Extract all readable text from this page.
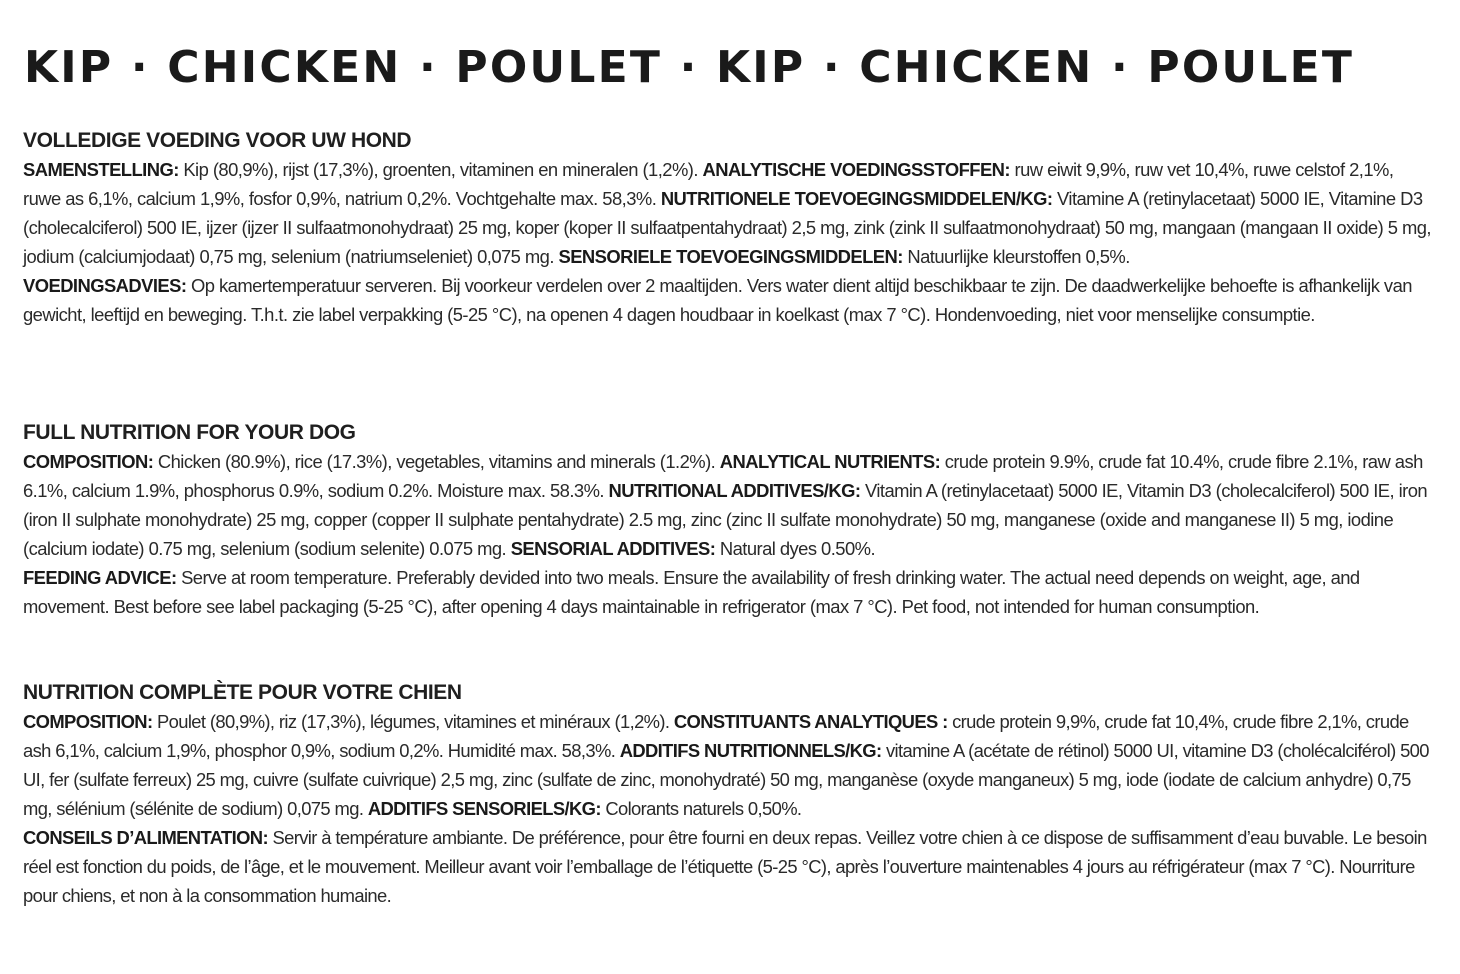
KIP · CHICKEN · POULET · KIP · CHICKEN · POULET
VOLLEDIGE VOEDING VOOR UW HOND

SAMENSTELLING: Kip (80,9%), rijst (17,3%), groenten, vitaminen en mineralen (1,2%). ANALYTISCHE VOEDINGSSTOFFEN: ruw eiwit 9,9%, ruw vet 10,4%, ruwe celstof 2,1%, ruwe as 6,1%, calcium 1,9%, fosfor 0,9%, natrium 0,2%. Vochtgehalte max. 58,3%. NUTRITIONELE TOEVOEGINGSMIDDELEN/KG: Vitamine A (retinylacetaat) 5000 IE, Vitamine D3 (cholecalciferol) 500 IE, ijzer (ijzer II sulfaatmonohydraat) 25 mg, koper (koper II sulfaatpentahydraat) 2,5 mg, zink (zink II sulfaatmonohydraat) 50 mg, mangaan (mangaan II oxide) 5 mg, jodium (calciumjodaat) 0,75 mg, selenium (natriumseleniet) 0,075 mg. SENSORIELE TOEVOEGINGSMIDDELEN: Natuurlijke kleurstoffen 0,5%.

VOEDINGSADVIES: Op kamertemperatuur serveren. Bij voorkeur verdelen over 2 maaltijden. Vers water dient altijd beschikbaar te zijn. De daadwerkelijke behoefte is afhankelijk van gewicht, leeftijd en beweging. T.h.t. zie label verpakking (5-25 °C), na openen 4 dagen houdbaar in koelkast (max 7 °C). Hondenvoeding, niet voor menselijke consumptie.

FULL NUTRITION FOR YOUR DOG

COMPOSITION: Chicken (80.9%), rice (17.3%), vegetables, vitamins and minerals (1.2%). ANALYTICAL NUTRIENTS: crude protein 9.9%, crude fat 10.4%, crude fibre 2.1%, raw ash 6.1%, calcium 1.9%, phosphorus 0.9%, sodium 0.2%. Moisture max. 58.3%. NUTRITIONAL ADDITIVES/KG: Vitamin A (retinylacetaat) 5000 IE, Vitamin D3 (cholecalciferol) 500 IE, iron (iron II sulphate monohydrate) 25 mg, copper (copper II sulphate pentahydrate) 2.5 mg, zinc (zinc II sulfate monohydrate) 50 mg, manganese (oxide and manganese II) 5 mg, iodine (calcium iodate) 0.75 mg, selenium (sodium selenite) 0.075 mg. SENSORIAL ADDITIVES: Natural dyes 0.50%.

FEEDING ADVICE: Serve at room temperature. Preferably devided into two meals. Ensure the availability of fresh drinking water. The actual need depends on weight, age, and movement. Best before see label packaging (5-25 °C), after opening 4 days maintainable in refrigerator (max 7 °C). Pet food, not intended for human consumption.

NUTRITION COMPLÈTE POUR VOTRE CHIEN

COMPOSITION: Poulet (80,9%), riz (17,3%), légumes, vitamines et minéraux (1,2%). CONSTITUANTS ANALYTIQUES : crude protein 9,9%, crude fat 10,4%, crude fibre 2,1%, crude ash 6,1%, calcium 1,9%, phosphor 0,9%, sodium 0,2%. Humidité max. 58,3%. ADDITIFS NUTRITIONNELS/KG: vitamine A (acétate de rétinol) 5000 UI, vitamine D3 (cholécalciférol) 500 UI, fer (sulfate ferreux) 25 mg, cuivre (sulfate cuivrique) 2,5 mg, zinc (sulfate de zinc, monohydraté) 50 mg, manganèse (oxyde manganeux) 5 mg, iode (iodate de calcium anhydre) 0,75 mg, sélénium (sélénite de sodium) 0,075 mg. ADDITIFS SENSORIELS/KG: Colorants naturels 0,50%.

CONSEILS D’ALIMENTATION: Servir à température ambiante. De préférence, pour être fourni en deux repas. Veillez votre chien à ce dispose de suffisamment d’eau buvable. Le besoin réel est fonction du poids, de l’âge, et le mouvement. Meilleur avant voir l’emballage de l’étiquette (5-25 °C), après l’ouverture maintenables 4 jours au réfrigérateur (max 7 °C). Nourriture pour chiens, et non à la consommation humaine.
